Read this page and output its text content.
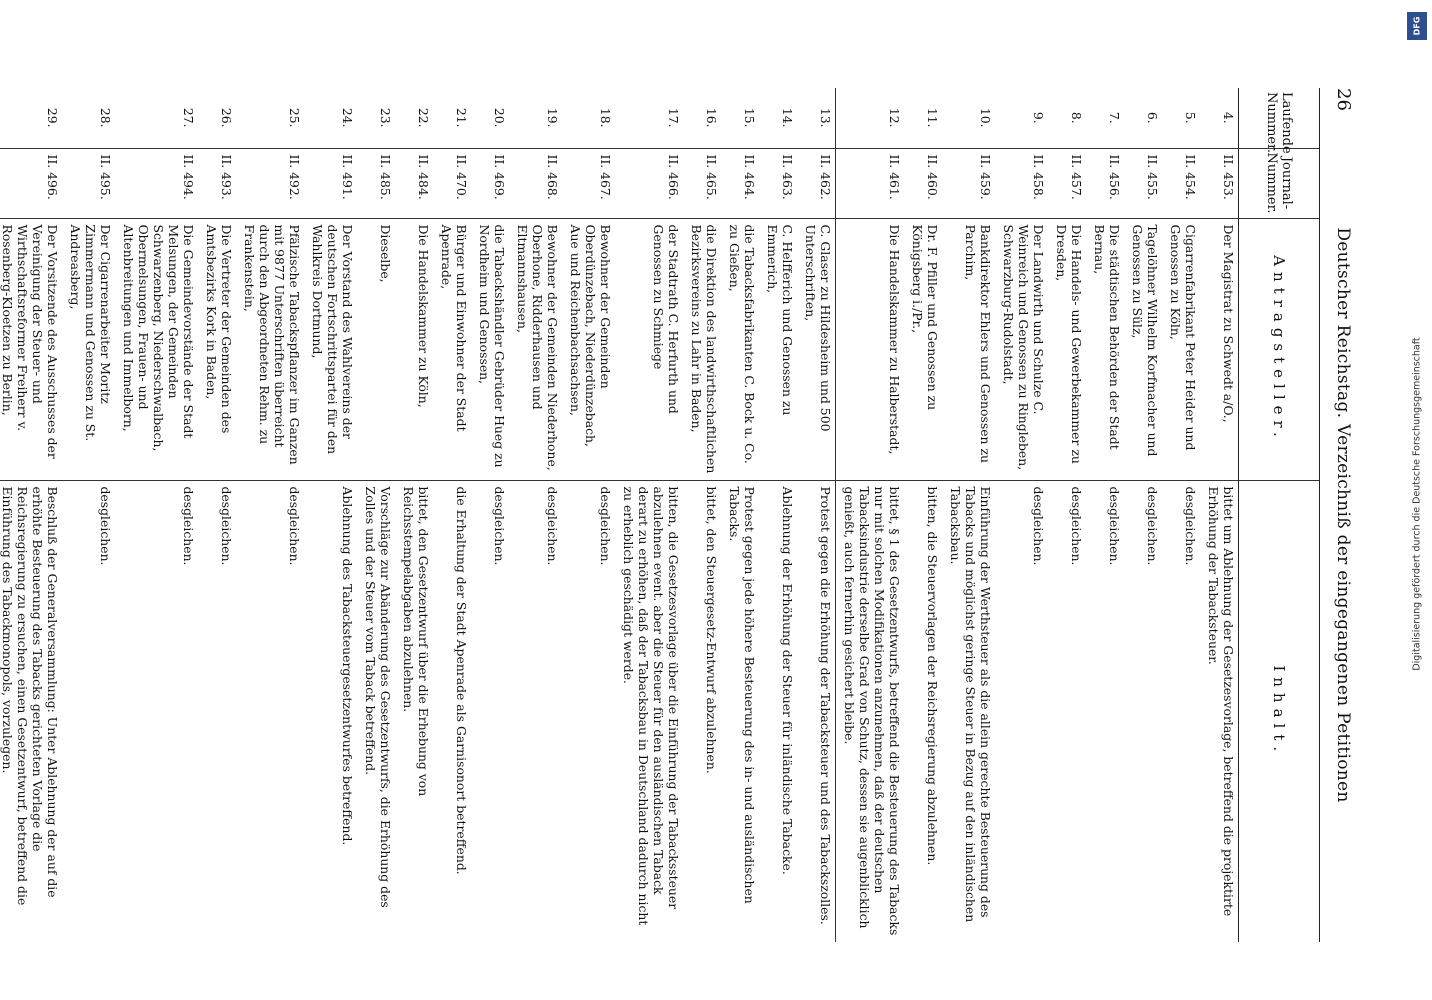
26
Deutscher Reichstag. Verzeichniß der eingegangenen Petitionen
Laufende Nummer.	Journal-Nummer.	Antragsteller.	Inhalt.
4.	II. 453.	Der Magistrat zu Schwedt a/O.,	bittet um Ablehnung der Gesetzesvorlage, betreffend die projektirte Erhöhung der Tabacksteuer.
5.	II. 454.	Cigarrenfabrikant Peter Heider und Genossen zu Köln,	desgleichen.
6.	II. 455.	Tagelöhner Wilhelm Korfmacher und Genossen zu Sülz,	desgleichen.
7.	II. 456.	Die städtischen Behörden der Stadt Bernau,	desgleichen.
8.	II. 457.	Die Handels- und Gewerbekammer zu Dresden,	desgleichen.
9.	II. 458.	Der Landwirth und Schulze C. Weinreich und Genossen zu Ringleben, Schwarzburg-Rudolstadt,	desgleichen.
10.	II. 459.	Bankdirektor Ehlers und Genossen zu Parchim,	Einführung der Werthsteuer als die allein gerechte Besteuerung des Tabacks und möglichst geringe Steuer in Bezug auf den inländischen Tabacksbau.
11.	II. 460.	Dr. F. Pfiller und Genossen zu Königsberg i./Pr.,	bitten, die Steuervorlagen der Reichsregierung abzulehnen.
12.	II. 461.	Die Handelskammer zu Halberstadt,	bittet, § 1 des Gesetzentwurfs, betreffend die Besteuerung des Tabacks nur mit solchen Modifikationen anzunehmen, daß der deutschen Tabacksindustrie derselbe Grad von Schutz, dessen sie augenblicklich genießt, auch fernerhin gesichert bleibe.
13.	II. 462.	C. Glaser zu Hildesheim und 500 Unterschriften,	Protest gegen die Erhöhung der Tabacksteuer und des Tabackszolles.
14.	II. 463.	C. Helfferich und Genossen zu Emmerich,	Ablehnung der Erhöhung der Steuer für inländische Tabacke.
15.	II. 464.	die Tabacksfabrikanten C. Bock u. Co. zu Gießen,	Protest gegen jede höhere Besteuerung des in- und ausländischen Tabacks.
16.	II. 465.	die Direktion des landwirthschaftlichen Bezirksvereins zu Lahr in Baden,	bittet, den Steuergesetz-Entwurf abzulehnen.
17.	II. 466.	der Stadtrath C. Herfurth und Genossen zu Schmiege	bitten, die Gesetzesvorlage über die Einführung der Tabackssteuer abzulehnen event. aber die Steuer für den ausländischen Taback derart zu erhöhen, daß der Tabacksbau in Deutschland dadurch nicht zu erheblich geschädigt werde.
18.	II. 467.	Bewohner der Gemeinden Oberdünzebach, Niederdünzebach, Aue und Reichenbachsachsen,	desgleichen.
19.	II. 468.	Bewohner der Gemeinden Niederhone, Oberhone, Ridderhausen und Eltmannshausen,	desgleichen.
20.	II. 469.	die Tabackshändler Gebrüder Hueg zu Nordheim und Genossen,	desgleichen.
21.	II. 470.	Bürger und Einwohner der Stadt Apenrade,	die Erhaltung der Stadt Apenrade als Garnisonort betreffend.
22.	II. 484.	Die Handelskammer zu Köln,	bittet, den Gesetzentwurf über die Erhebung von Reichsstempelabgaben abzulehnen.
23.	II. 485.	Dieselbe,	Vorschläge zur Abänderung des Gesetzentwurfs, die Erhöhung des Zolles und der Steuer vom Taback betreffend.
24.	II. 491.	Der Vorstand des Wahlvereins der deutschen Fortschrittspartei für den Wahlkreis Dortmund,	Ablehnung des Tabacksteuergesetzentwurfes betreffend.
25.	II. 492.	Pfälzische Tabackspflanzer im Ganzen mit 9877 Unterschriften überreicht durch den Abgeordneten Rehm. zu Frankenstein,	desgleichen.
26.	II. 493.	Die Vertreter der Gemeinden des Amtsbezirks Kork in Baden,	desgleichen.
27.	II. 494.	Die Gemeindevorstände der Stadt Melsungen, der Gemeinden Schwarzenberg, Niederschwalbach, Obermelsungen, Frauen- und Altenbreitungen und Immelborn,	desgleichen.
28.	II. 495.	Der Cigarrenarbeiter Moritz Zimmermann und Genossen zu St. Andreasberg,	desgleichen.
29.	II. 496.	Der Vorsitzende des Ausschusses der Vereinigung der Steuer- und Wirthschaftsreformer Freiherr v. Rosenberg-Kloetzen zu Berlin,	Beschluß der Generalversammlung: Unter Ablehnung der auf die erhöhte Besteuerung des Tabacks gerichteten Vorlage die Reichsregierung zu ersuchen, einen Gesetzentwurf, betreffend die Einführung des Tabackmonopols, vorzulegen.
DFG
Digitalisierung gefördert durch die Deutsche Forschungsgemeinschaft
